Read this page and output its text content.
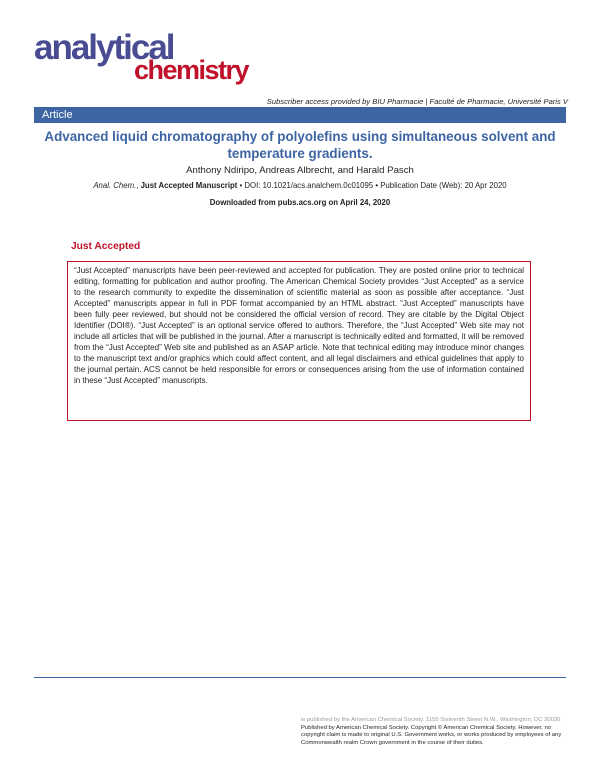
analytical
chemistry
Subscriber access provided by BIU Pharmacie | Faculté de Pharmacie, Université Paris V
Article
Advanced liquid chromatography of polyolefins using simultaneous solvent and temperature gradients.
Anthony Ndiripo, Andreas Albrecht, and Harald Pasch
Anal. Chem., Just Accepted Manuscript • DOI: 10.1021/acs.analchem.0c01095 • Publication Date (Web): 20 Apr 2020
Downloaded from pubs.acs.org on April 24, 2020
Just Accepted

“Just Accepted” manuscripts have been peer-reviewed and accepted for publication. They are posted online prior to technical editing, formatting for publication and author proofing. The American Chemical Society provides “Just Accepted” as a service to the research community to expedite the dissemination of scientific material as soon as possible after acceptance. “Just Accepted” manuscripts appear in full in PDF format accompanied by an HTML abstract. “Just Accepted” manuscripts have been fully peer reviewed, but should not be considered the official version of record. They are citable by the Digital Object Identifier (DOI®). “Just Accepted” is an optional service offered to authors. Therefore, the “Just Accepted” Web site may not include all articles that will be published in the journal. After a manuscript is technically edited and formatted, it will be removed from the “Just Accepted” Web site and published as an ASAP article. Note that technical editing may introduce minor changes to the manuscript text and/or graphics which could affect content, and all legal disclaimers and ethical guidelines that apply to the journal pertain. ACS cannot be held responsible for errors or consequences arising from the use of information contained in these “Just Accepted” manuscripts.

is published by the American Chemical Society. 1155 Sixteenth Street N.W., Washington, DC 20036
Published by American Chemical Society. Copyright © American Chemical Society. However, no copyright claim is made to original U.S. Government works, or works produced by employees of any Commonwealth realm Crown government in the course of their duties.
